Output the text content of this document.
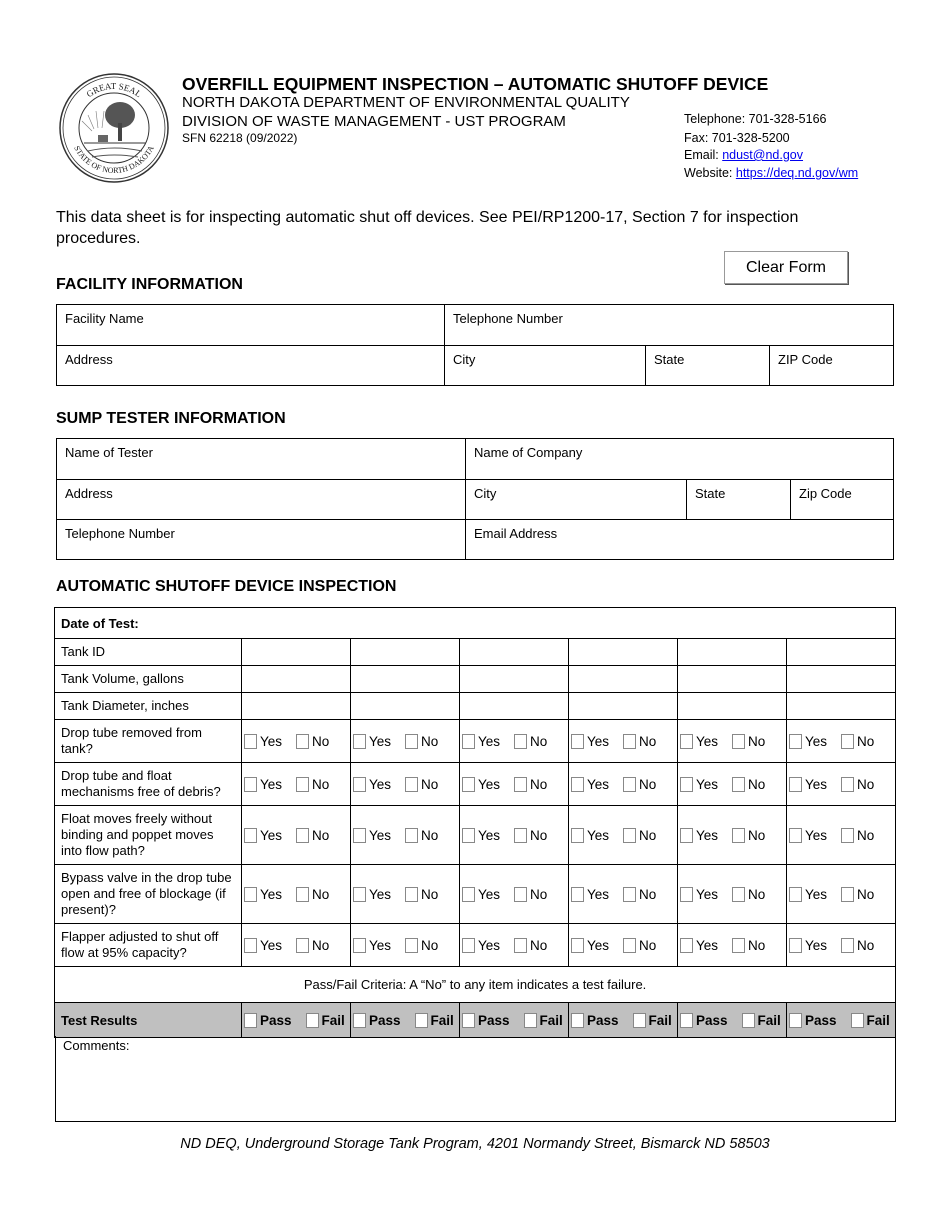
GREAT SEAL
STATE OF NORTH DAKOTA
OVERFILL EQUIPMENT INSPECTION – AUTOMATIC SHUTOFF DEVICE
NORTH DAKOTA DEPARTMENT OF ENVIRONMENTAL QUALITY
DIVISION OF WASTE MANAGEMENT - UST PROGRAM
SFN 62218 (09/2022)
Telephone: 701-328-5166
Fax: 701-328-5200
Email: ndust@nd.gov
Website: https://deq.nd.gov/wm
This data sheet is for inspecting automatic shut off devices. See PEI/RP1200-17, Section 7 for inspection procedures.
Clear Form
FACILITY INFORMATION
Facility Name	Telephone Number
Address	City	State	ZIP Code
SUMP TESTER INFORMATION
Name of Tester	Name of Company
Address	City	State	Zip Code
Telephone Number	Email Address
AUTOMATIC SHUTOFF DEVICE INSPECTION
Date of Test:						
Tank ID						
Tank Volume, gallons						
Tank Diameter, inches						
Drop tube removed from tank?	Yes No	Yes No	Yes No	Yes No	Yes No	Yes No
Drop tube and float mechanisms free of debris?	Yes No	Yes No	Yes No	Yes No	Yes No	Yes No
Float moves freely without binding and poppet moves into flow path?	Yes No	Yes No	Yes No	Yes No	Yes No	Yes No
Bypass valve in the drop tube open and free of blockage (if present)?	Yes No	Yes No	Yes No	Yes No	Yes No	Yes No
Flapper adjusted to shut off flow at 95% capacity?	Yes No	Yes No	Yes No	Yes No	Yes No	Yes No
Pass/Fail Criteria: A “No” to any item indicates a test failure.						
Test Results	Pass Fail	Pass Fail	Pass Fail	Pass Fail	Pass Fail	Pass Fail
Comments:
ND DEQ, Underground Storage Tank Program, 4201 Normandy Street, Bismarck ND 58503
